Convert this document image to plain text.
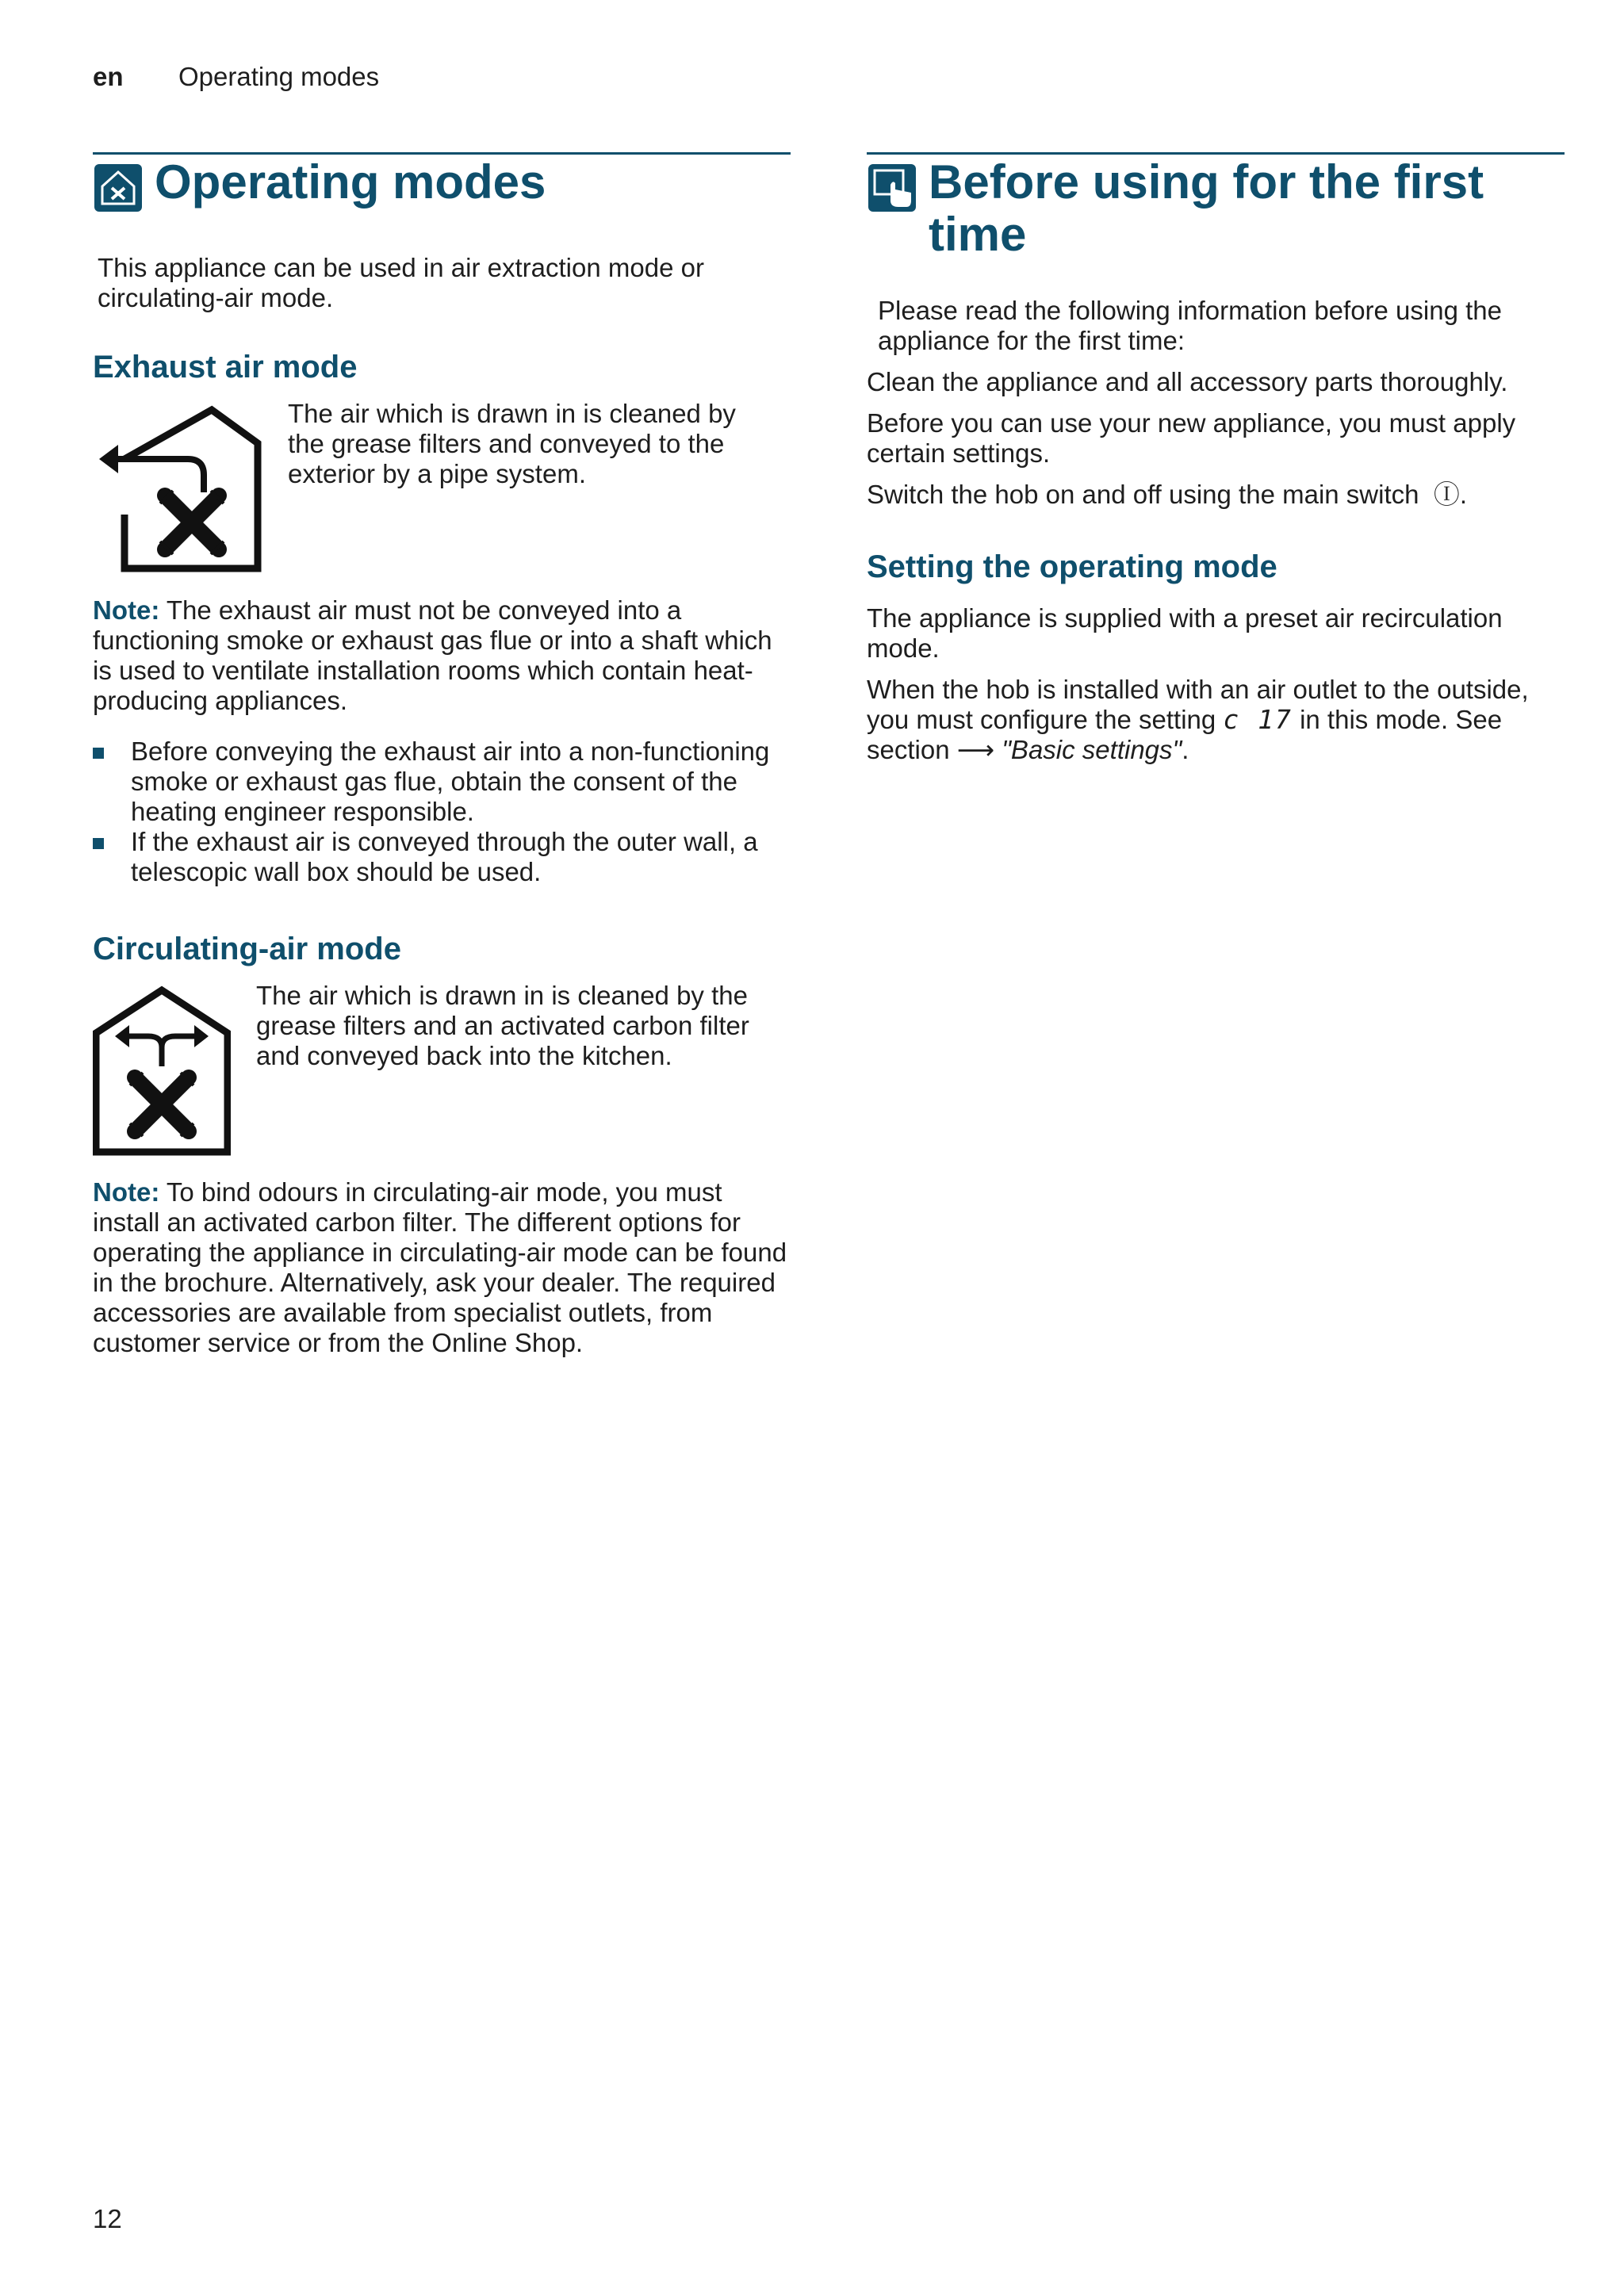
en Operating modes
Operating modes

This appliance can be used in air extraction mode or circulating-air mode.

Exhaust air mode

The air which is drawn in is cleaned by the grease filters and conveyed to the exterior by a pipe system.

Note: The exhaust air must not be conveyed into a functioning smoke or exhaust gas flue or into a shaft which is used to ventilate installation rooms which contain heat-producing appliances.

Before conveying the exhaust air into a non-functioning smoke or exhaust gas flue, obtain the consent of the heating engineer responsible.
If the exhaust air is conveyed through the outer wall, a telescopic wall box should be used.
Circulating-air mode

The air which is drawn in is cleaned by the grease filters and an activated carbon filter and conveyed back into the kitchen.

Note: To bind odours in circulating-air mode, you must install an activated carbon filter. The different options for operating the appliance in circulating-air mode can be found in the brochure. Alternatively, ask your dealer. The required accessories are available from specialist outlets, from customer service or from the Online Shop.

Before using for the first time

Please read the following information before using the appliance for the first time:

Clean the appliance and all accessory parts thoroughly.

Before you can use your new appliance, you must apply certain settings.

Switch the hob on and off using the main switch Ⓘ.

Setting the operating mode

The appliance is supplied with a preset air recirculation mode.

When the hob is installed with an air outlet to the outside, you must configure the setting c 17 in this mode. See section ⟶ "Basic settings".

12
